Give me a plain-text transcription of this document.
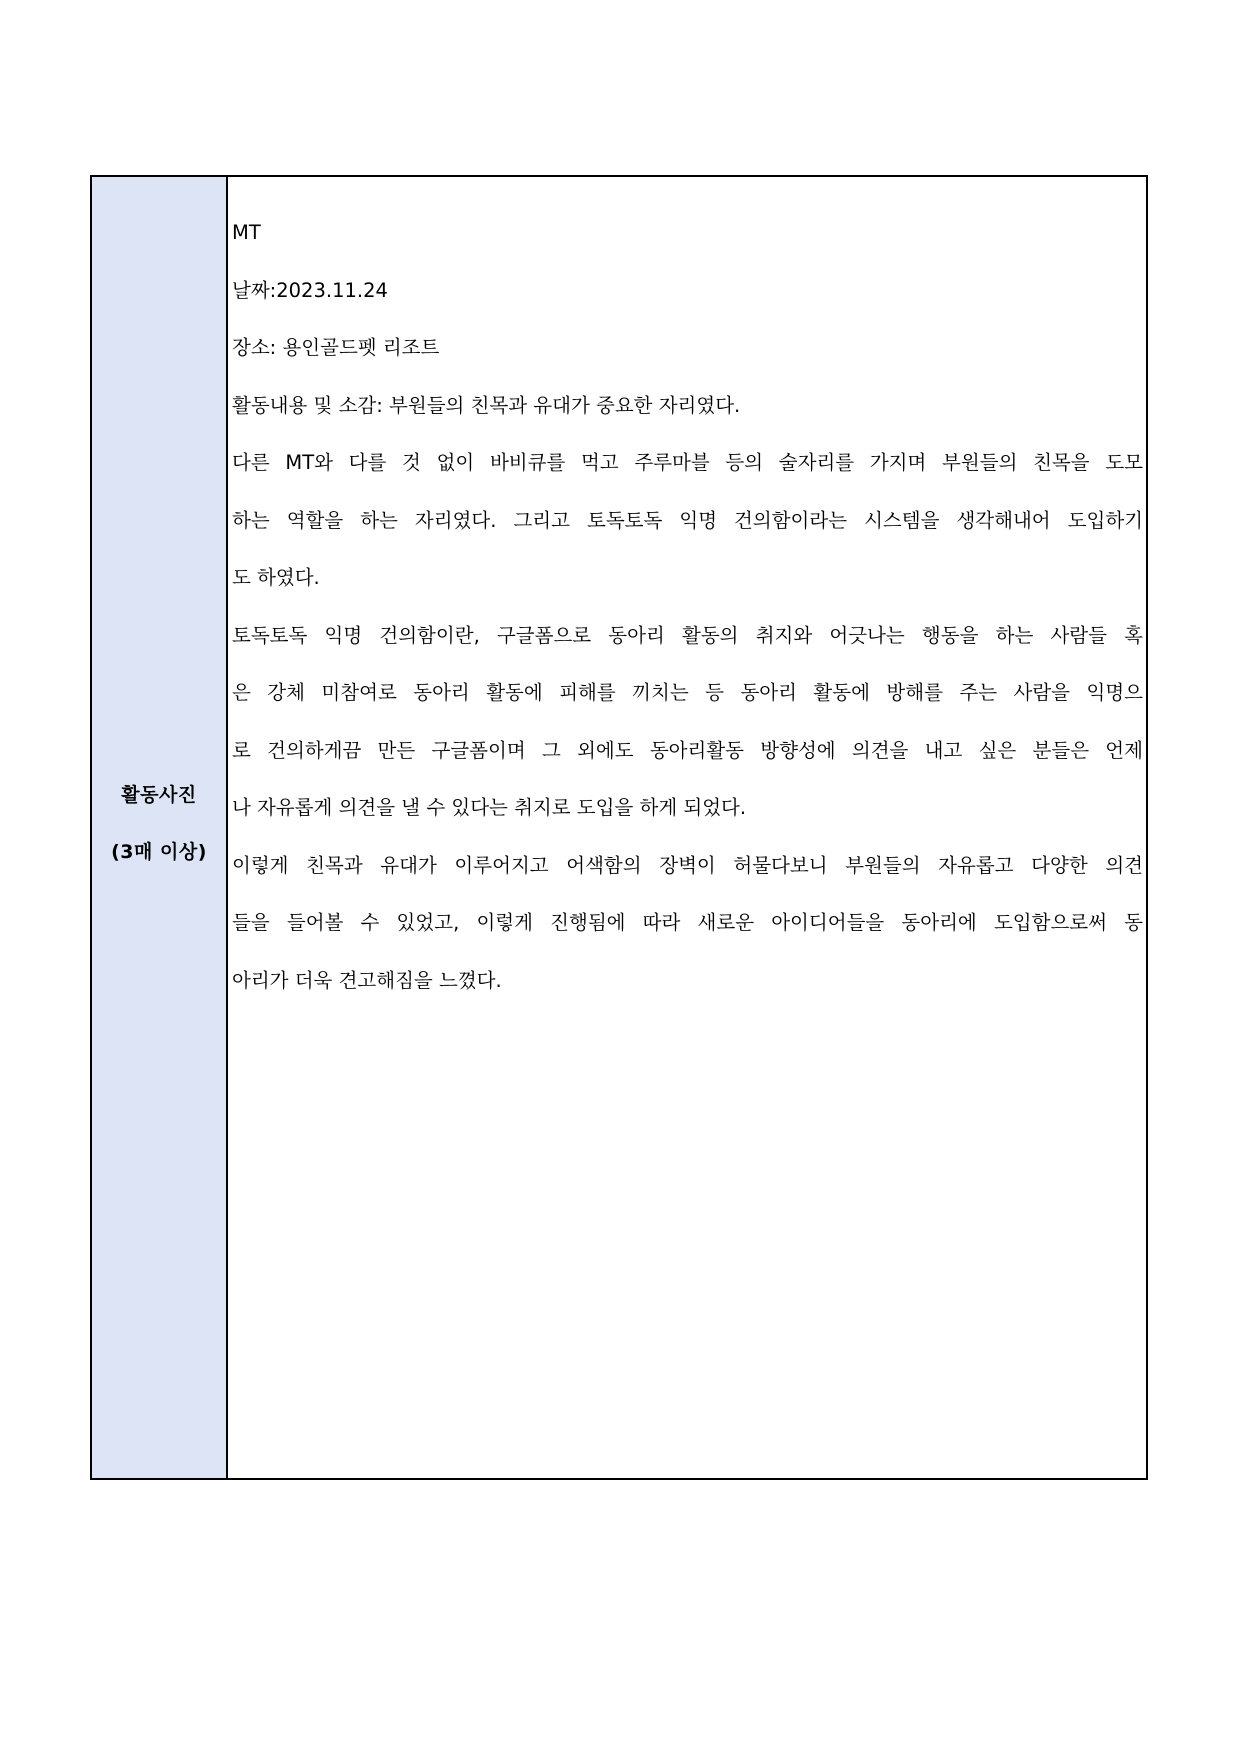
활동사진
(3매 이상)
MT
날짜:2023.11.24
장소: 용인골드펫 리조트
활동내용 및 소감: 부원들의 친목과 유대가 중요한 자리였다.
다른 MT와 다를 것 없이 바비큐를 먹고 주루마블 등의 술자리를 가지며 부원들의 친목을 도모
하는 역할을 하는 자리였다. 그리고 토독토독 익명 건의함이라는 시스템을 생각해내어 도입하기
도 하였다.
토독토독 익명 건의함이란, 구글폼으로 동아리 활동의 취지와 어긋나는 행동을 하는 사람들 혹
은 강체 미참여로 동아리 활동에 피해를 끼치는 등 동아리 활동에 방해를 주는 사람을 익명으
로 건의하게끔 만든 구글폼이며 그 외에도 동아리활동 방향성에 의견을 내고 싶은 분들은 언제
나 자유롭게 의견을 낼 수 있다는 취지로 도입을 하게 되었다.
이렇게 친목과 유대가 이루어지고 어색함의 장벽이 허물다보니 부원들의 자유롭고 다양한 의견
들을 들어볼 수 있었고, 이렇게 진행됨에 따라 새로운 아이디어들을 동아리에 도입함으로써 동
아리가 더욱 견고해짐을 느꼈다.
